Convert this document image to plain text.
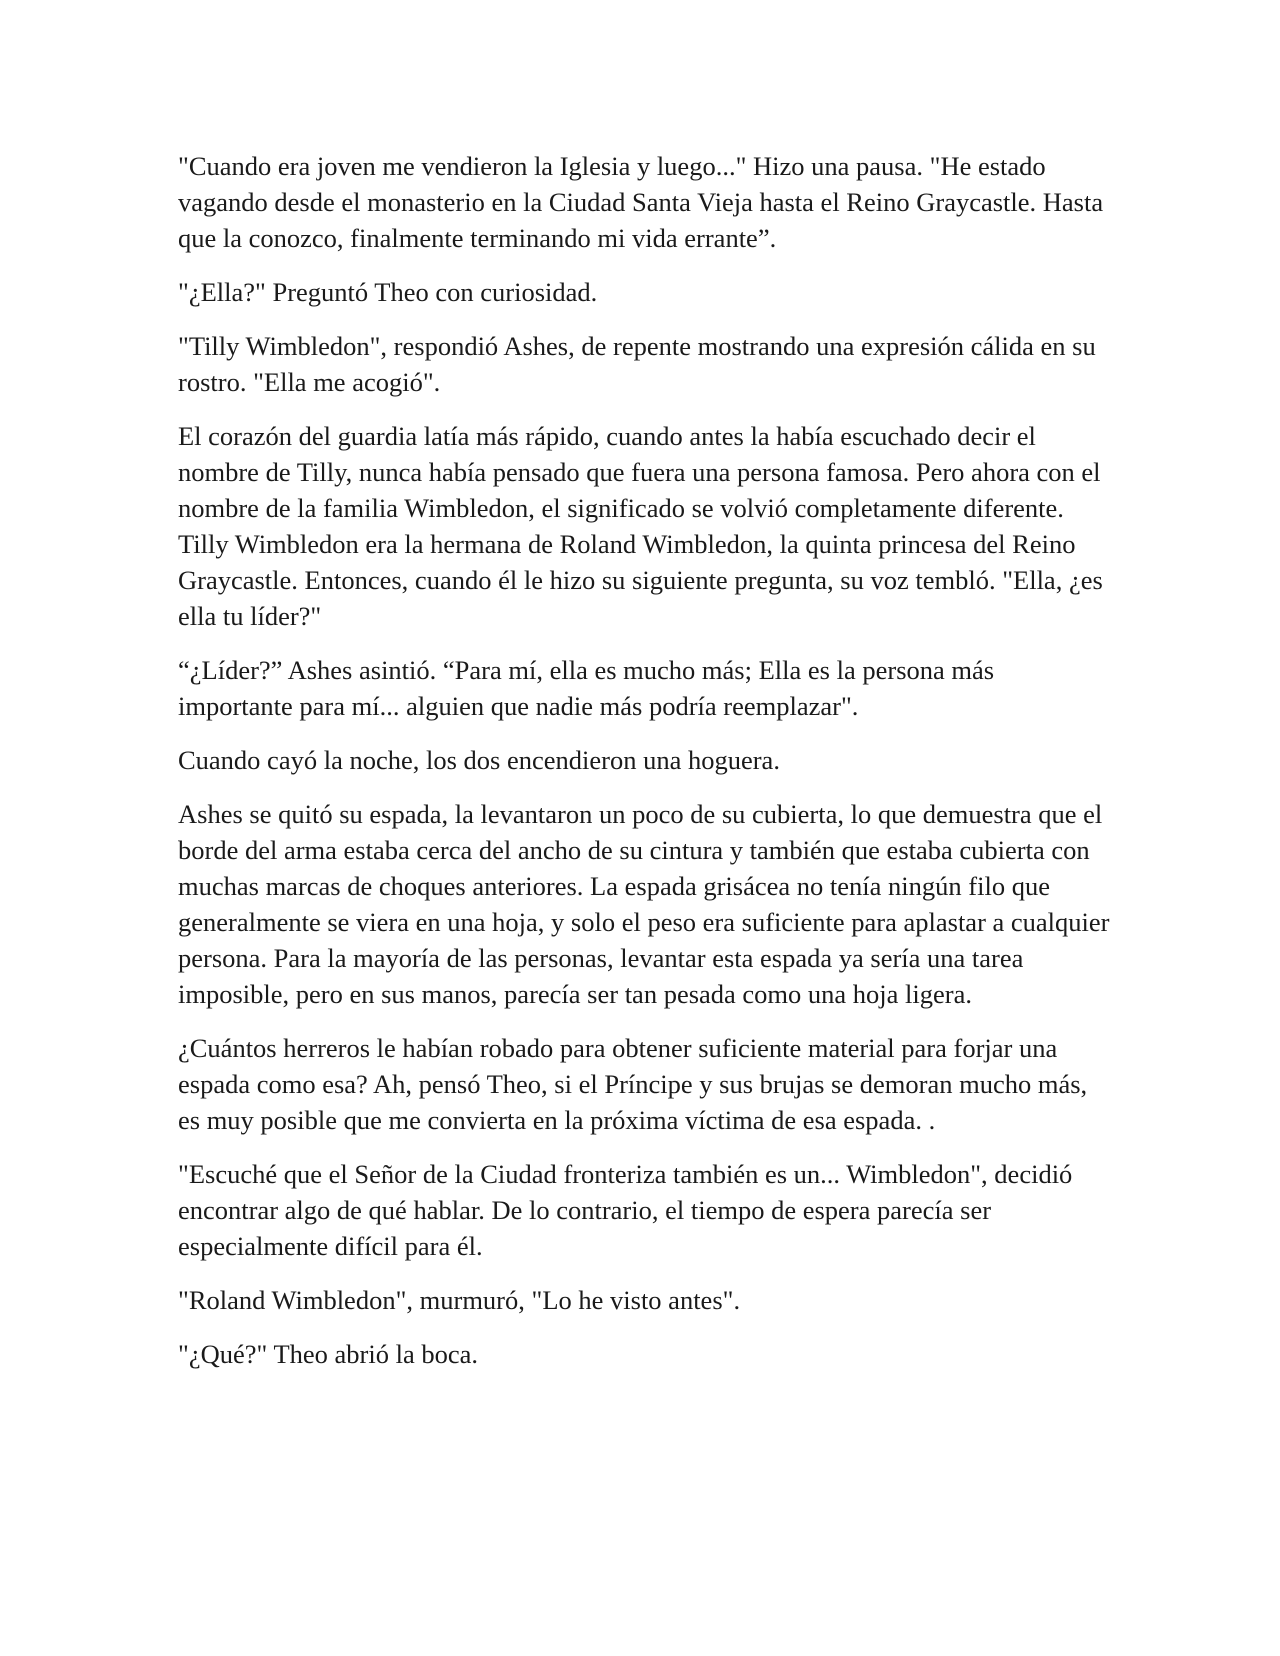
"Cuando era joven me vendieron la Iglesia y luego..." Hizo una pausa. "He estado vagando desde el monasterio en la Ciudad Santa Vieja hasta el Reino Graycastle. Hasta que la conozco, finalmente terminando mi vida errante”.

"¿Ella?" Preguntó Theo con curiosidad.

"Tilly Wimbledon", respondió Ashes, de repente mostrando una expresión cálida en su rostro. "Ella me acogió".

El corazón del guardia latía más rápido, cuando antes la había escuchado decir el nombre de Tilly, nunca había pensado que fuera una persona famosa. Pero ahora con el nombre de la familia Wimbledon, el significado se volvió completamente diferente. Tilly Wimbledon era la hermana de Roland Wimbledon, la quinta princesa del Reino Graycastle. Entonces, cuando él le hizo su siguiente pregunta, su voz tembló. "Ella, ¿es ella tu líder?"

“¿Líder?” Ashes asintió. “Para mí, ella es mucho más; Ella es la persona más importante para mí... alguien que nadie más podría reemplazar".

Cuando cayó la noche, los dos encendieron una hoguera.

Ashes se quitó su espada, la levantaron un poco de su cubierta, lo que demuestra que el borde del arma estaba cerca del ancho de su cintura y también que estaba cubierta con muchas marcas de choques anteriores. La espada grisácea no tenía ningún filo que generalmente se viera en una hoja, y solo el peso era suficiente para aplastar a cualquier persona. Para la mayoría de las personas, levantar esta espada ya sería una tarea imposible, pero en sus manos, parecía ser tan pesada como una hoja ligera.

¿Cuántos herreros le habían robado para obtener suficiente material para forjar una espada como esa? Ah, pensó Theo, si el Príncipe y sus brujas se demoran mucho más, es muy posible que me convierta en la próxima víctima de esa espada. .

"Escuché que el Señor de la Ciudad fronteriza también es un... Wimbledon", decidió encontrar algo de qué hablar. De lo contrario, el tiempo de espera parecía ser especialmente difícil para él.

"Roland Wimbledon", murmuró, "Lo he visto antes".

"¿Qué?" Theo abrió la boca.
